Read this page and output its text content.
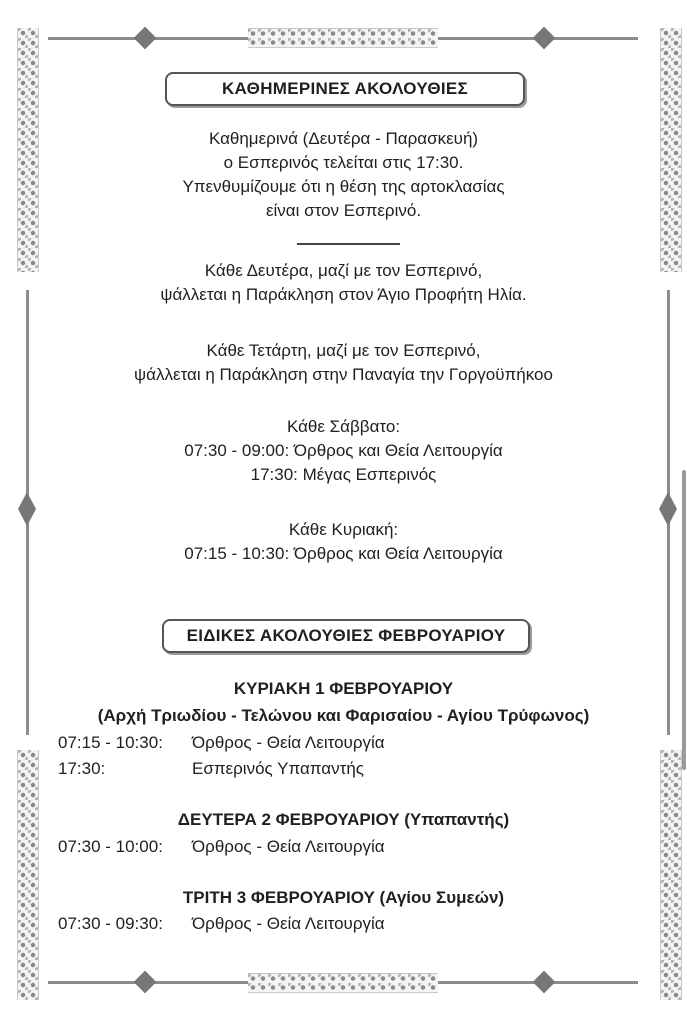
ΚΑΘΗΜΕΡΙΝΕΣ ΑΚΟΛΟΥΘΙΕΣ
Καθημερινά (Δευτέρα - Παρασκευή)
ο Εσπερινός τελείται στις 17:30.
Υπενθυμίζουμε ότι η θέση της αρτοκλασίας
είναι στον Εσπερινό.
Κάθε Δευτέρα, μαζί με τον Εσπερινό,
ψάλλεται η Παράκληση στον Άγιο Προφήτη Ηλία.
Κάθε Τετάρτη, μαζί με τον Εσπερινό,
ψάλλεται η Παράκληση στην Παναγία την Γοργοϋπήκοο
Κάθε Σάββατο:
07:30 - 09:00: Όρθρος και Θεία Λειτουργία
17:30: Μέγας Εσπερινός
Κάθε Κυριακή:
07:15 - 10:30: Όρθρος και Θεία Λειτουργία
ΕΙΔΙΚΕΣ ΑΚΟΛΟΥΘΙΕΣ ΦΕΒΡΟΥΑΡΙΟΥ
ΚΥΡΙΑΚΗ 1 ΦΕΒΡΟΥΑΡΙΟΥ
(Αρχή Τριωδίου - Τελώνου και Φαρισαίου - Αγίου Τρύφωνος)
07:15 - 10:30: Όρθρος - Θεία Λειτουργία
17:30:	Εσπερινός Υπαπαντής
ΔΕΥΤΕΡΑ 2 ΦΕΒΡΟΥΑΡΙΟΥ (Υπαπαντής)
07:30 - 10:00: Όρθρος - Θεία Λειτουργία
ΤΡΙΤΗ 3 ΦΕΒΡΟΥΑΡΙΟΥ (Αγίου Συμεών)
07:30 - 09:30: Όρθρος - Θεία Λειτουργία
